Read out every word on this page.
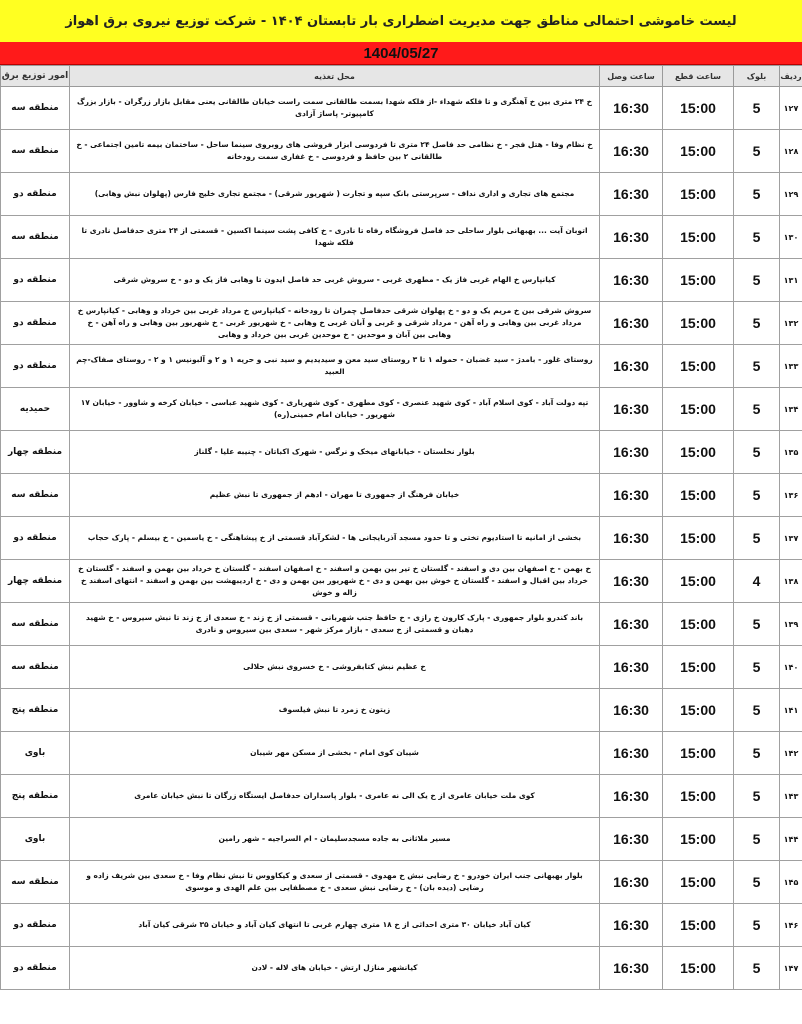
لیست خاموشی احتمالی مناطق جهت مدیریت اضطراری بار تابستان ۱۴۰۴ - شرکت توزیع نیروی برق اهواز
1404/05/27
ردیف	بلوک	ساعت قطع	ساعت وصل	محل تغذیه	امور توزیع برق
۱۲۷	5	15:00	16:30	خ ۲۴ متری بین خ آهنگری و تا فلکه شهداء -از فلکه شهدا بسمت طالقانی سمت راست خیابان طالقانی یعنی مقابل بازار زرگران - بازار بزرگ کامپیوتر- پاساژ آزادی	منطقه سه
۱۲۸	5	15:00	16:30	خ نظام وفا - هتل فجر - خ نظامی حد فاصل ۲۴ متری تا فردوسی ابزار فروشی های روبروی سینما ساحل - ساختمان بیمه تامین اجتماعی - خ طالقانی ۲ بین حافظ و فردوسی - خ غفاری سمت رودخانه	منطقه سه
۱۲۹	5	15:00	16:30	مجتمع های تجاری و اداری نداف - سرپرستی بانک سپه و تجارت ( شهریور شرقی) - مجتمع تجاری خلیج فارس (پهلوان نبش وهابی)	منطقه دو
۱۳۰	5	15:00	16:30	اتوبان آیت ... بهبهانی بلوار ساحلی حد فاصل فروشگاه رفاه تا نادری - خ کافی پشت سینما اکسین - قسمتی از ۲۴ متری حدفاصل نادری تا فلکه شهدا	منطقه سه
۱۳۱	5	15:00	16:30	کیانپارس خ الهام غربی فاز یک - مطهری غربی - سروش غربی حد فاصل ایدون تا وهابی فاز یک و دو - خ سروش شرقی	منطقه دو
۱۳۲	5	15:00	16:30	سروش شرقی بین خ مریم یک و دو - خ پهلوان شرقی حدفاصل چمران تا رودخانه - کیانپارس خ مرداد غربی بین خرداد و وهابی - کیانپارس خ مرداد غربی بین وهابی و راه آهن - مرداد شرقی و غربی و آبان غربی خ وهابی - خ شهریور غربی - خ شهریور بین وهابی و راه آهن - خ وهابی بین آبان و موحدین - خ موحدین غربی بین خرداد و وهابی	منطقه دو
۱۳۳	5	15:00	16:30	روستای غلور - بامدژ - سید غضبان - حموله ۱ تا ۳ روستای سید معن و سیدیدیم و سید نبی و حریه ۱ و ۲ و آلبونیس ۱ و ۲ - روستای صفاک-چم العبید	منطقه دو
۱۳۴	5	15:00	16:30	تپه دولت آباد - کوی اسلام آباد - کوی شهید عنصری - کوی مطهری - کوی شهریاری - کوی شهید عباسی - خیابان کرخه و شاوور - خیابان ۱۷ شهریور - خیابان امام خمینی(ره)	حمیدیه
۱۳۵	5	15:00	16:30	بلوار نخلستان - خیابانهای میخک و نرگس - شهرک اکباتان - چنیبه علیا - گلناز	منطقه چهار
۱۳۶	5	15:00	16:30	خیابان فرهنگ از جمهوری تا مهران - ادهم از جمهوری تا نبش عظیم	منطقه سه
۱۳۷	5	15:00	16:30	بخشی از امانیه تا استادیوم تختی و تا حدود مسجد آذربایجانی ها - لشکرآباد قسمتی از خ پیشاهنگی - خ یاسمین - خ بیسلم - پارک حجاب	منطقه دو
۱۳۸	4	15:00	16:30	خ بهمن - خ اصفهان بین دی و اسفند - گلستان خ تیر بین بهمن و اسفند - خ اصفهان اسفند - گلستان خ خرداد بین بهمن و اسفند - گلستان خ خرداد بین اقبال و اسفند - گلستان خ خوش بین بهمن و دی - خ شهریور بین بهمن و دی - خ اردیبهشت بین بهمن و اسفند - انتهای اسفند خ زاله و خوش	منطقه چهار
۱۳۹	5	15:00	16:30	باند کندرو بلوار جمهوری - پارک کارون خ رازی - خ حافظ جنب شهربانی - قسمتی از خ زند - خ سعدی از خ زند تا نبش سیروس - خ شهید دهبان و قسمتی از خ سعدی - بازار مرکز شهر - سعدی بین سیروس و نادری	منطقه سه
۱۴۰	5	15:00	16:30	خ عظیم نبش کتابفروشی - خ خسروی نبش حلالی	منطقه سه
۱۴۱	5	15:00	16:30	زیتون خ زمرد تا نبش فیلسوف	منطقه پنج
۱۴۲	5	15:00	16:30	شیبان کوی امام - بخشی از مسکن مهر شیبان	باوی
۱۴۳	5	15:00	16:30	کوی ملت خیابان عامری از خ یک الی نه عامری - بلوار پاسداران حدفاصل ایستگاه زرگان تا نبش خیابان عامری	منطقه پنج
۱۴۴	5	15:00	16:30	مسیر ملاثانی به جاده مسجدسلیمان - ام السراجیه - شهر رامین	باوی
۱۴۵	5	15:00	16:30	بلوار بهبهانی جنب ایران خودرو - خ رضایی نبش خ مهدوی - قسمتی از سعدی و کیکاووس تا نبش نظام وفا - خ سعدی بین شریف زاده و رضایی (دیده بان) - خ رضایی نبش سعدی - خ مصطفایی بین علم الهدی و موسوی	منطقه سه
۱۴۶	5	15:00	16:30	کیان آباد خیابان ۳۰ متری احداثی از خ ۱۸ متری چهارم غربی تا انتهای کیان آباد و خیابان ۳۵ شرقی کیان آباد	منطقه دو
۱۴۷	5	15:00	16:30	کیانشهر منازل ارتش - خیابان های لاله - لادن	منطقه دو
